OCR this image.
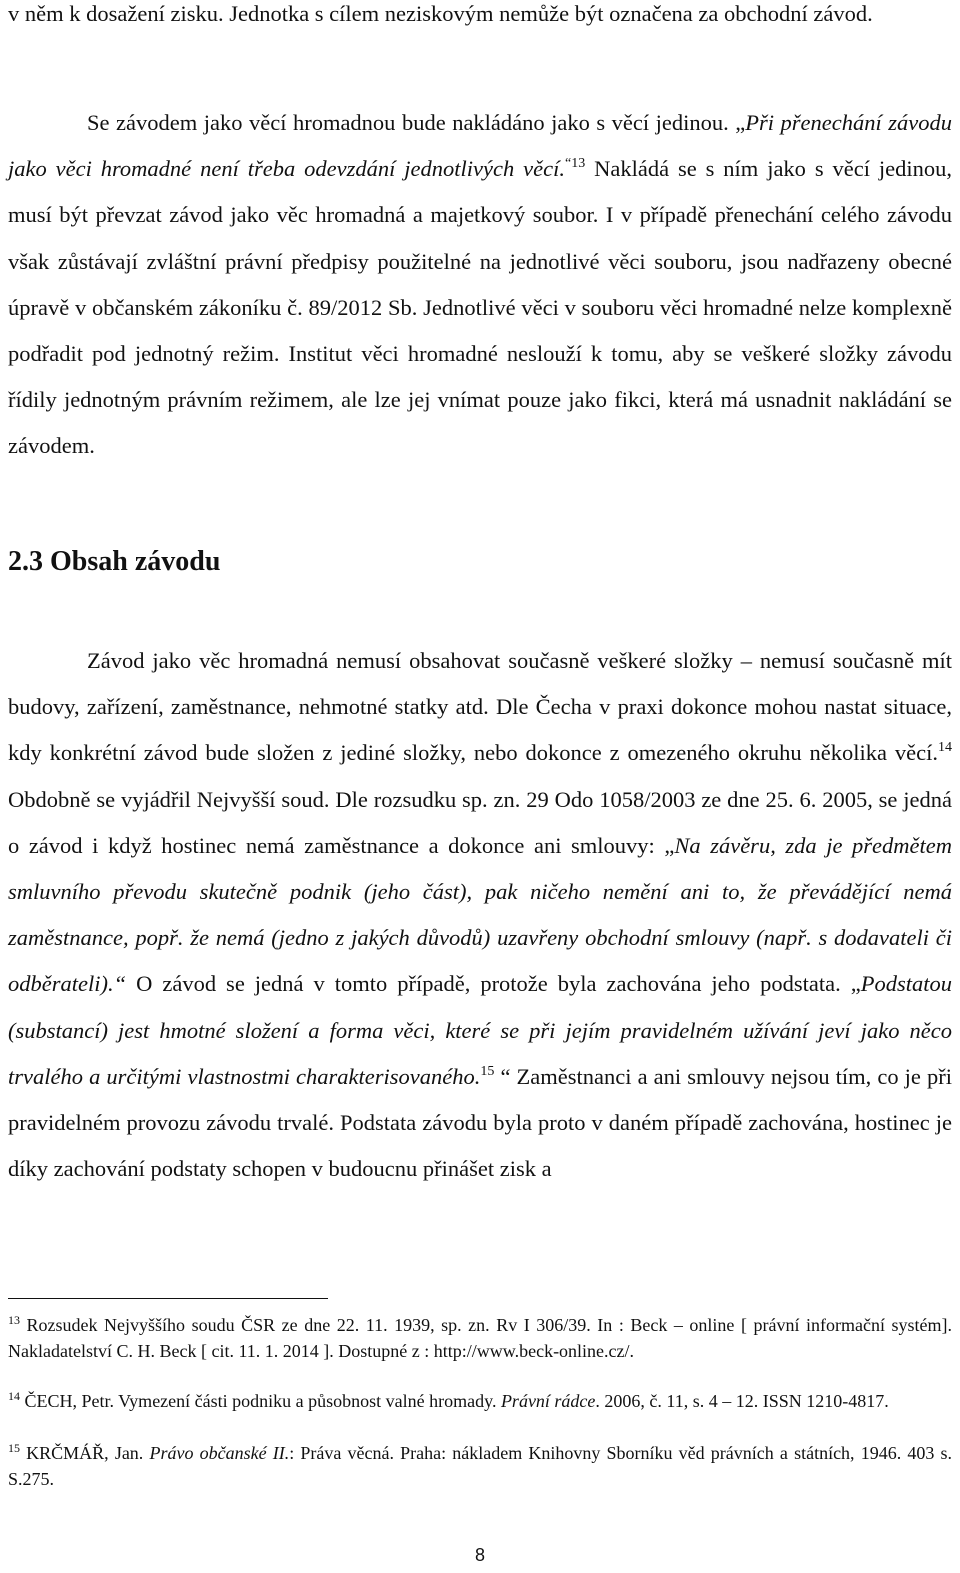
v něm k dosažení zisku. Jednotka s cílem neziskovým nemůže být označena za obchodní závod.

Se závodem jako věcí hromadnou bude nakládáno jako s věcí jedinou. „Při přenechání závodu jako věci hromadné není třeba odevzdání jednotlivých věcí.$^{“13}$ Nakládá se s ním jako s věcí jedinou, musí být převzat závod jako věc hromadná a majetkový soubor. I v případě přenechání celého závodu však zůstávají zvláštní právní předpisy použitelné na jednotlivé věci souboru, jsou nadřazeny obecné úpravě v občanském zákoníku č. 89/2012 Sb. Jednotlivé věci v souboru věci hromadné nelze komplexně podřadit pod jednotný režim. Institut věci hromadné neslouží k tomu, aby se veškeré složky závodu řídily jednotným právním režimem, ale lze jej vnímat pouze jako fikci, která má usnadnit nakládání se závodem.

2.3 Obsah závodu

Závod jako věc hromadná nemusí obsahovat současně veškeré složky – nemusí současně mít budovy, zařízení, zaměstnance, nehmotné statky atd. Dle Čecha v praxi dokonce mohou nastat situace, kdy konkrétní závod bude složen z jediné složky, nebo dokonce z omezeného okruhu několika věcí.$^{14}$ Obdobně se vyjádřil Nejvyšší soud. Dle rozsudku sp. zn. 29 Odo 1058/2003 ze dne 25. 6. 2005, se jedná o závod i když hostinec nemá zaměstnance a dokonce ani smlouvy: „Na závěru, zda je předmětem smluvního převodu skutečně podnik (jeho část), pak ničeho nemění ani to, že převádějící nemá zaměstnance, popř. že nemá (jedno z jakých důvodů) uzavřeny obchodní smlouvy (např. s dodavateli či odběrateli).“ O závod se jedná v tomto případě, protože byla zachována jeho podstata. „Podstatou (substancí) jest hmotné složení a forma věci, které se při jejím pravidelném užívání jeví jako něco trvalého a určitými vlastnostmi charakterisovaného.$^{15}$ “ Zaměstnanci a ani smlouvy nejsou tím, co je při pravidelném provozu závodu trvalé. Podstata závodu byla proto v daném případě zachována, hostinec je díky zachování podstaty schopen v budoucnu přinášet zisk a

$^{13}$ Rozsudek Nejvyššího soudu ČSR ze dne 22. 11. 1939, sp. zn. Rv I 306/39. In : Beck – online [ právní informační systém]. Nakladatelství C. H. Beck [ cit. 11. 1. 2014 ]. Dostupné z : http://www.beck-online.cz/.

$^{14}$ ČECH, Petr. Vymezení části podniku a působnost valné hromady. Právní rádce. 2006, č. 11, s. 4 – 12. ISSN 1210-4817.

$^{15}$ KRČMÁŘ, Jan. Právo občanské II.: Práva věcná. Praha: nákladem Knihovny Sborníku věd právních a státních, 1946. 403 s. S.275.

8
